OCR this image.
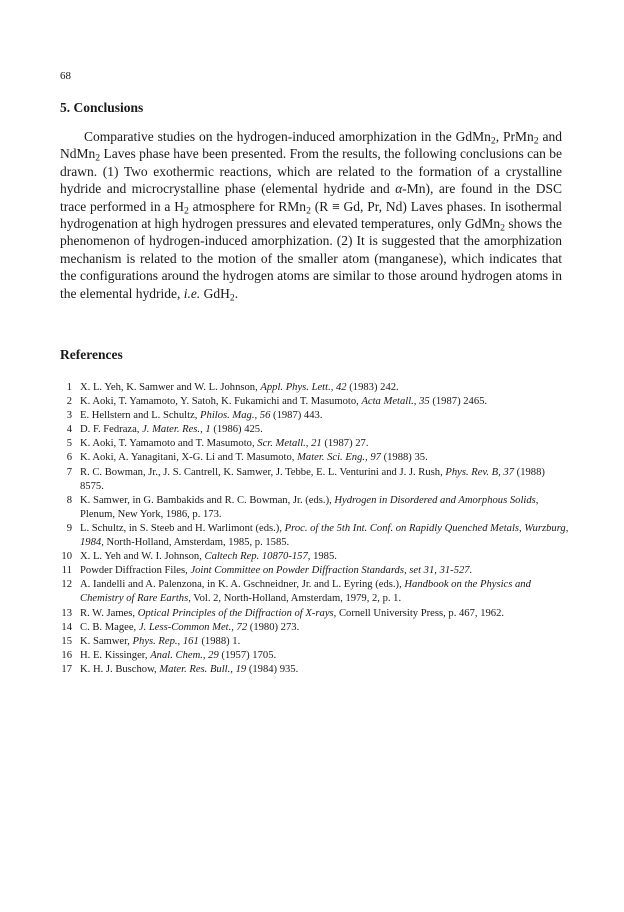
68
5. Conclusions

Comparative studies on the hydrogen-induced amorphization in the GdMn$_2$, PrMn$_2$ and NdMn$_2$ Laves phase have been presented. From the results, the following conclusions can be drawn. (1) Two exothermic reactions, which are related to the formation of a crystalline hydride and microcrystalline phase (elemental hydride and α-Mn), are found in the DSC trace performed in a $H_2$ atmosphere for RMn$_2$ (R ≡ Gd, Pr, Nd) Laves phases. In isothermal hydrogenation at high hydrogen pressures and elevated temperatures, only GdMn$_2$ shows the phenomenon of hydrogen-induced amorphization. (2) It is suggested that the amorphization mechanism is related to the motion of the smaller atom (manganese), which indicates that the configurations around the hydrogen atoms are similar to those around hydrogen atoms in the elemental hydride, i.e. GdH$_2$.

References
1 X. L. Yeh, K. Samwer and W. L. Johnson, Appl. Phys. Lett., 42 (1983) 242.
2 K. Aoki, T. Yamamoto, Y. Satoh, K. Fukamichi and T. Masumoto, Acta Metall., 35 (1987) 2465.
3 E. Hellstern and L. Schultz, Philos. Mag., 56 (1987) 443.
4 D. F. Fedraza, J. Mater. Res., 1 (1986) 425.
5 K. Aoki, T. Yamamoto and T. Masumoto, Scr. Metall., 21 (1987) 27.
6 K. Aoki, A. Yanagitani, X-G. Li and T. Masumoto, Mater. Sci. Eng., 97 (1988) 35.
7 R. C. Bowman, Jr., J. S. Cantrell, K. Samwer, J. Tebbe, E. L. Venturini and J. J. Rush, Phys. Rev. B, 37 (1988) 8575.
8 K. Samwer, in G. Bambakids and R. C. Bowman, Jr. (eds.), Hydrogen in Disordered and Amorphous Solids, Plenum, New York, 1986, p. 173.
9 L. Schultz, in S. Steeb and H. Warlimont (eds.), Proc. of the 5th Int. Conf. on Rapidly Quenched Metals, Wurzburg, 1984, North-Holland, Amsterdam, 1985, p. 1585.
10 X. L. Yeh and W. I. Johnson, Caltech Rep. 10870-157, 1985.
11 Powder Diffraction Files, Joint Committee on Powder Diffraction Standards, set 31, 31-527.
12 A. Iandelli and A. Palenzona, in K. A. Gschneidner, Jr. and L. Eyring (eds.), Handbook on the Physics and Chemistry of Rare Earths, Vol. 2, North-Holland, Amsterdam, 1979, 2, p. 1.
13 R. W. James, Optical Principles of the Diffraction of X-rays, Cornell University Press, p. 467, 1962.
14 C. B. Magee, J. Less-Common Met., 72 (1980) 273.
15 K. Samwer, Phys. Rep., 161 (1988) 1.
16 H. E. Kissinger, Anal. Chem., 29 (1957) 1705.
17 K. H. J. Buschow, Mater. Res. Bull., 19 (1984) 935.
